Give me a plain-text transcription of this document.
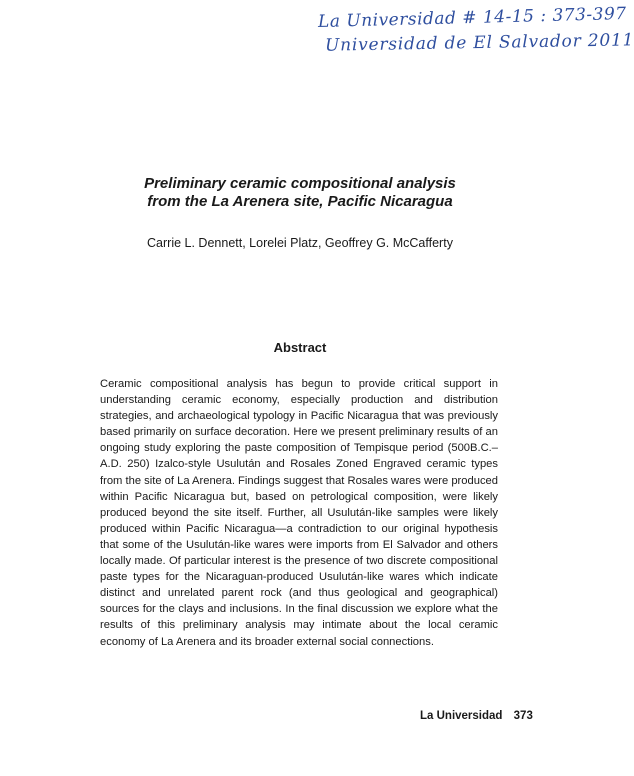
La Universidad # 14-15 : 373-397
Universidad de El Salvador 2011
Preliminary ceramic compositional analysis
from the La Arenera site, Pacific Nicaragua

Carrie L. Dennett, Lorelei Platz, Geoffrey G. McCafferty

Abstract

Ceramic compositional analysis has begun to provide critical support in understanding ceramic economy, especially production and distribution strategies, and archaeological typology in Pacific Nicaragua that was previously based primarily on surface decoration. Here we present preliminary results of an ongoing study exploring the paste composition of Tempisque period (500B.C.–A.D. 250) Izalco-style Usulután and Rosales Zoned Engraved ceramic types from the site of La Arenera. Findings suggest that Rosales wares were produced within Pacific Nicaragua but, based on petrological composition, were likely produced beyond the site itself. Further, all Usulután-like samples were likely produced within Pacific Nicaragua—a contradiction to our original hypothesis that some of the Usulután-like wares were imports from El Salvador and others locally made. Of particular interest is the presence of two discrete compositional paste types for the Nicaraguan-produced Usulután-like wares which indicate distinct and unrelated parent rock (and thus geological and geographical) sources for the clays and inclusions. In the final discussion we explore what the results of this preliminary analysis may intimate about the local ceramic economy of La Arenera and its broader external social connections.

La Universidad 373
